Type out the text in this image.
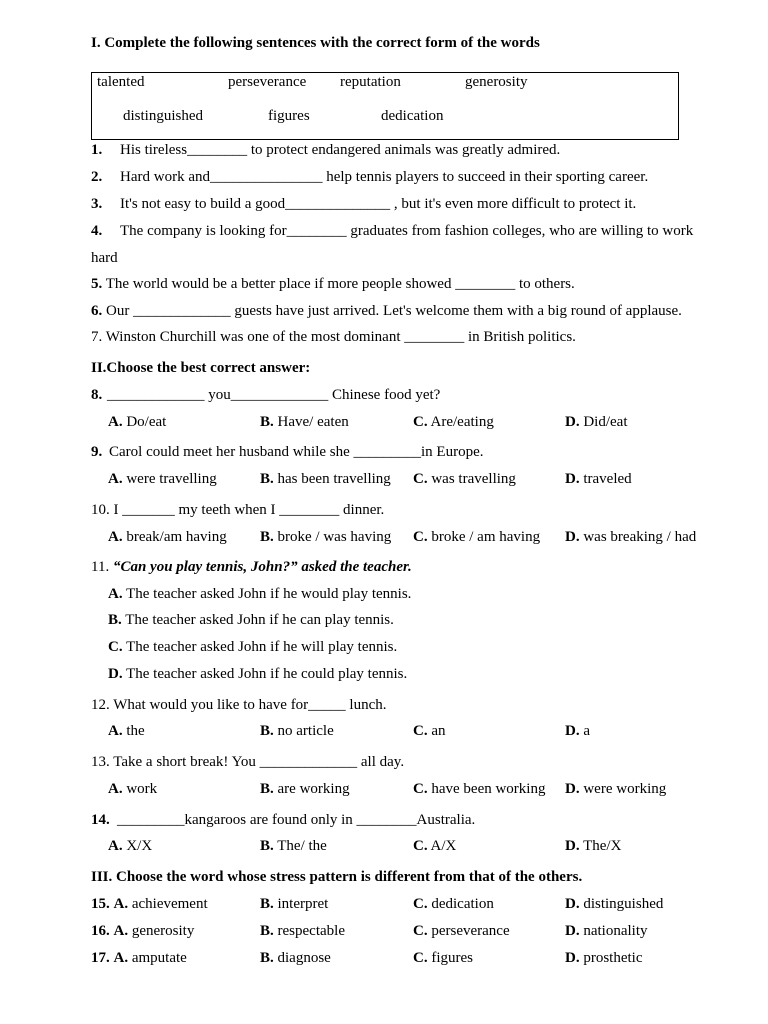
I. Complete the following sentences with the correct form of the words
talented	perseverance reputation	generosity
distinguished	figures	dedication
1. His tireless________ to protect endangered animals was greatly admired.
2. Hard work and_______________ help tennis players to succeed in their sporting career.
3. It's not easy to build a good______________ , but it's even more difficult to protect it.
4. The company is looking for________ graduates from fashion colleges, who are willing to work
hard
5. The world would be a better place if more people showed ________ to others.
6. Our _____________ guests have just arrived. Let's welcome them with a big round of applause.
7. Winston Churchill was one of the most dominant ________ in British politics.
II.Choose the best correct answer:
8. _____________ you_____________ Chinese food yet?
A. Do/eat	B. Have/ eaten	C. Are/eating	D. Did/eat
9. Carol could meet her husband while she _________in Europe.
A. were travelling	B. has been travelling C. was travelling	D. traveled
10. I _______ my teeth when I ________ dinner.
A. break/am having B. broke / was having C. broke / am having D. was breaking / had
11. “Can you play tennis, John?” asked the teacher.
A. The teacher asked John if he would play tennis.
B. The teacher asked John if he can play tennis.
C. The teacher asked John if he will play tennis.
D. The teacher asked John if he could play tennis.
12. What would you like to have for_____ lunch.
A. the	B. no article	C. an	D. a
13. Take a short break! You _____________ all day.
A. work	B. are working	C. have been working D. were working
14. _________kangaroos are found only in ________Australia.
A. X/X	B. The/ the	C. A/X	D. The/X
III. Choose the word whose stress pattern is different from that of the others.
15. A. achievement	B. interpret	C. dedication	D. distinguished
16. A. generosity	B. respectable	C. perseverance	D. nationality
17. A. amputate	B. diagnose	C. figures	D. prosthetic
